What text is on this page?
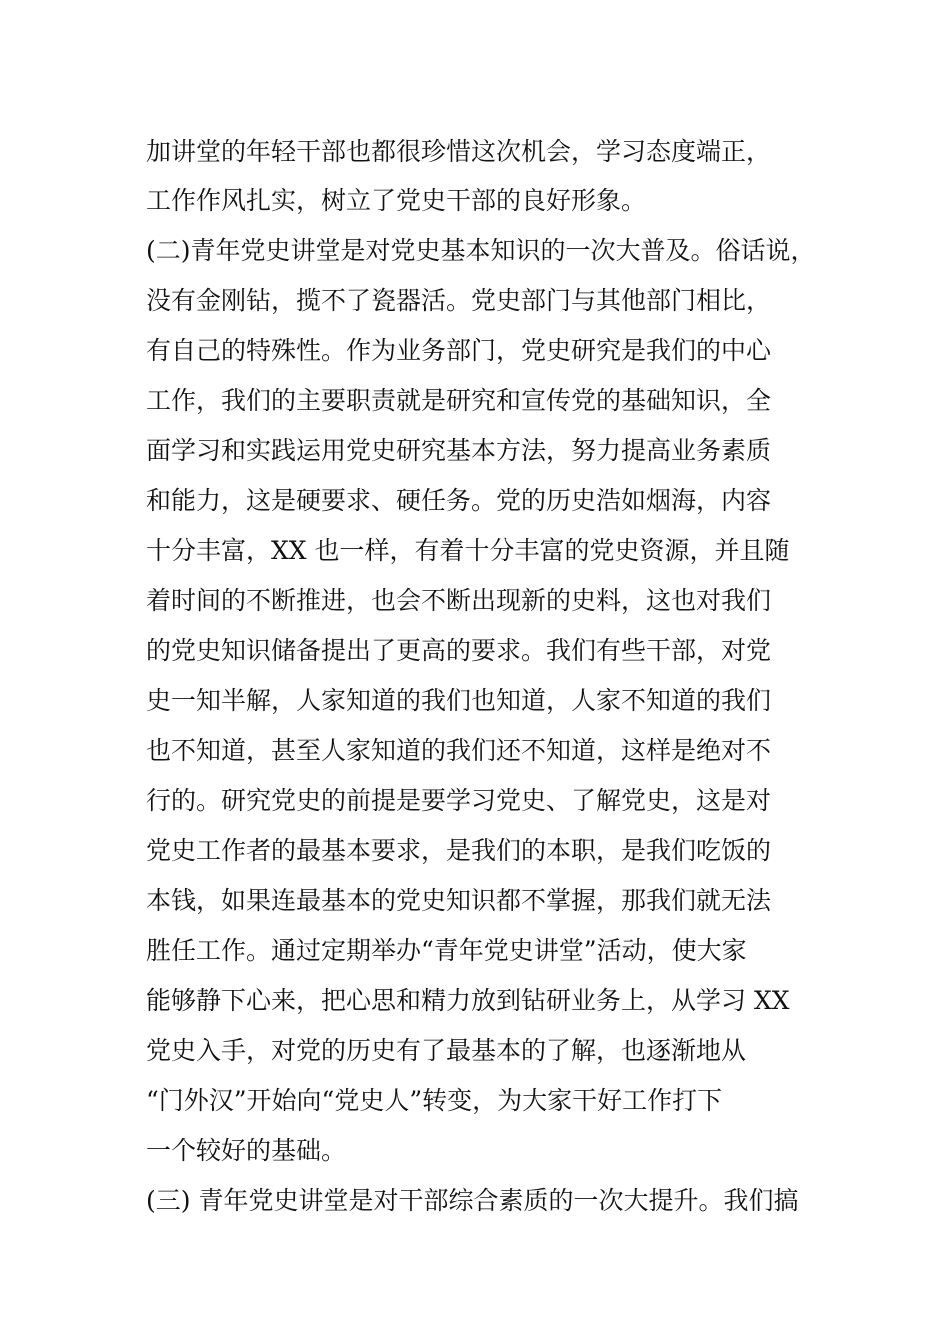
加讲堂的年轻干部也都很珍惜这次机会，学习态度端正，

工作作风扎实，树立了党史干部的良好形象。

(二)青年党史讲堂是对党史基本知识的一次大普及。俗话说，

没有金刚钻，揽不了瓷器活。党史部门与其他部门相比，

有自己的特殊性。作为业务部门，党史研究是我们的中心

工作，我们的主要职责就是研究和宣传党的基础知识，全

面学习和实践运用党史研究基本方法，努力提高业务素质

和能力，这是硬要求、硬任务。党的历史浩如烟海，内容

十分丰富，XX 也一样，有着十分丰富的党史资源，并且随

着时间的不断推进，也会不断出现新的史料，这也对我们

的党史知识储备提出了更高的要求。我们有些干部，对党

史一知半解，人家知道的我们也知道，人家不知道的我们

也不知道，甚至人家知道的我们还不知道，这样是绝对不

行的。研究党史的前提是要学习党史、了解党史，这是对

党史工作者的最基本要求，是我们的本职，是我们吃饭的

本钱，如果连最基本的党史知识都不掌握，那我们就无法

胜任工作。通过定期举办“青年党史讲堂”活动，使大家

能够静下心来，把心思和精力放到钻研业务上，从学习 XX

党史入手，对党的历史有了最基本的了解，也逐渐地从

“门外汉”开始向“党史人”转变，为大家干好工作打下

一个较好的基础。

(三) 青年党史讲堂是对干部综合素质的一次大提升。我们搞
